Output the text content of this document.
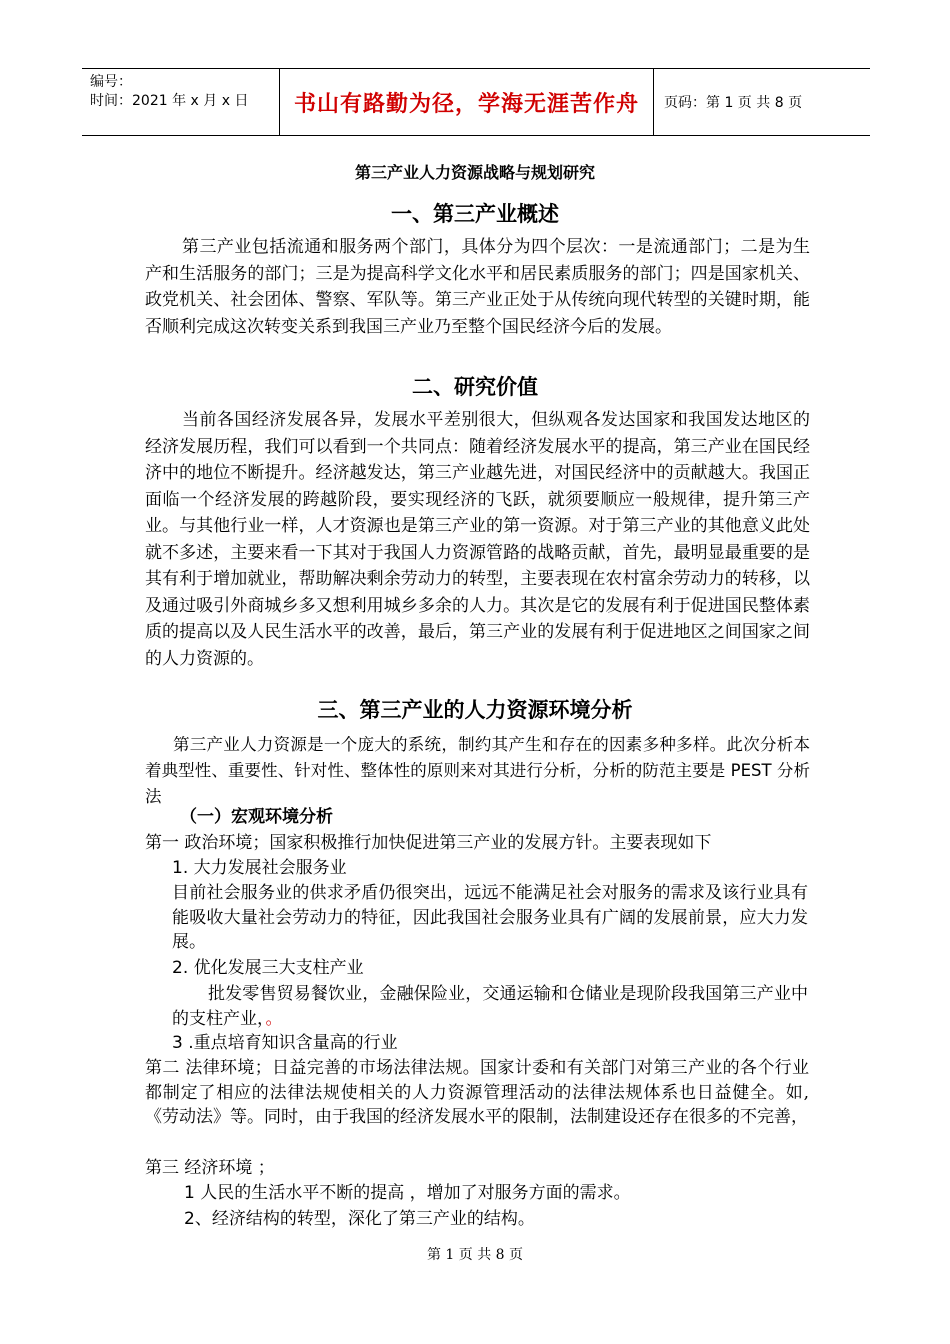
编号：
时间：2021 年 x 月 x 日	书山有路勤为径，学海无涯苦作舟	页码：第 1 页 共 8 页
第三产业人力资源战略与规划研究
一、第三产业概述

第三产业包括流通和服务两个部门，具体分为四个层次：一是流通部门；二是为生产和生活服务的部门；三是为提高科学文化水平和居民素质服务的部门；四是国家机关、政党机关、社会团体、警察、军队等。第三产业正处于从传统向现代转型的关键时期，能否顺利完成这次转变关系到我国三产业乃至整个国民经济今后的发展。

二、研究价值

当前各国经济发展各异，发展水平差别很大，但纵观各发达国家和我国发达地区的经济发展历程，我们可以看到一个共同点：随着经济发展水平的提高，第三产业在国民经济中的地位不断提升。经济越发达，第三产业越先进，对国民经济中的贡献越大。我国正面临一个经济发展的跨越阶段，要实现经济的飞跃，就须要顺应一般规律，提升第三产业。与其他行业一样，人才资源也是第三产业的第一资源。对于第三产业的其他意义此处就不多述，主要来看一下其对于我国人力资源管路的战略贡献，首先，最明显最重要的是其有利于增加就业，帮助解决剩余劳动力的转型，主要表现在农村富余劳动力的转移，以及通过吸引外商城乡多又想利用城乡多余的人力。其次是它的发展有利于促进国民整体素质的提高以及人民生活水平的改善，最后，第三产业的发展有利于促进地区之间国家之间的人力资源的。

三、第三产业的人力资源环境分析

第三产业人力资源是一个庞大的系统，制约其产生和存在的因素多种多样。此次分析本着典型性、重要性、针对性、整体性的原则来对其进行分析，分析的防范主要是 PEST 分析法

（一）宏观环境分析
第一 政治环境；国家积极推行加快促进第三产业的发展方针。主要表现如下
1. 大力发展社会服务业

目前社会服务业的供求矛盾仍很突出，远远不能满足社会对服务的需求及该行业具有　 能吸收大量社会劳动力的特征，因此我国社会服务业具有广阔的发展前景，应大力发展。

2. 优化发展三大支柱产业

批发零售贸易餐饮业，金融保险业，交通运输和仓储业是现阶段我国第三产业中的支柱产业，。

3 .重点培育知识含量高的行业

第二 法律环境；日益完善的市场法律法规。国家计委和有关部门对第三产业的各个行业都制定了相应的法律法规使相关的人力资源管理活动的法律法规体系也日益健全。如,《劳动法》等。同时，由于我国的经济发展水平的限制，法制建设还存在很多的不完善，

第三 经济环境 ；
1 人民的生活水平不断的提高 ，增加了对服务方面的需求。
2、经济结构的转型，深化了第三产业的结构。
第 1 页 共 8 页
